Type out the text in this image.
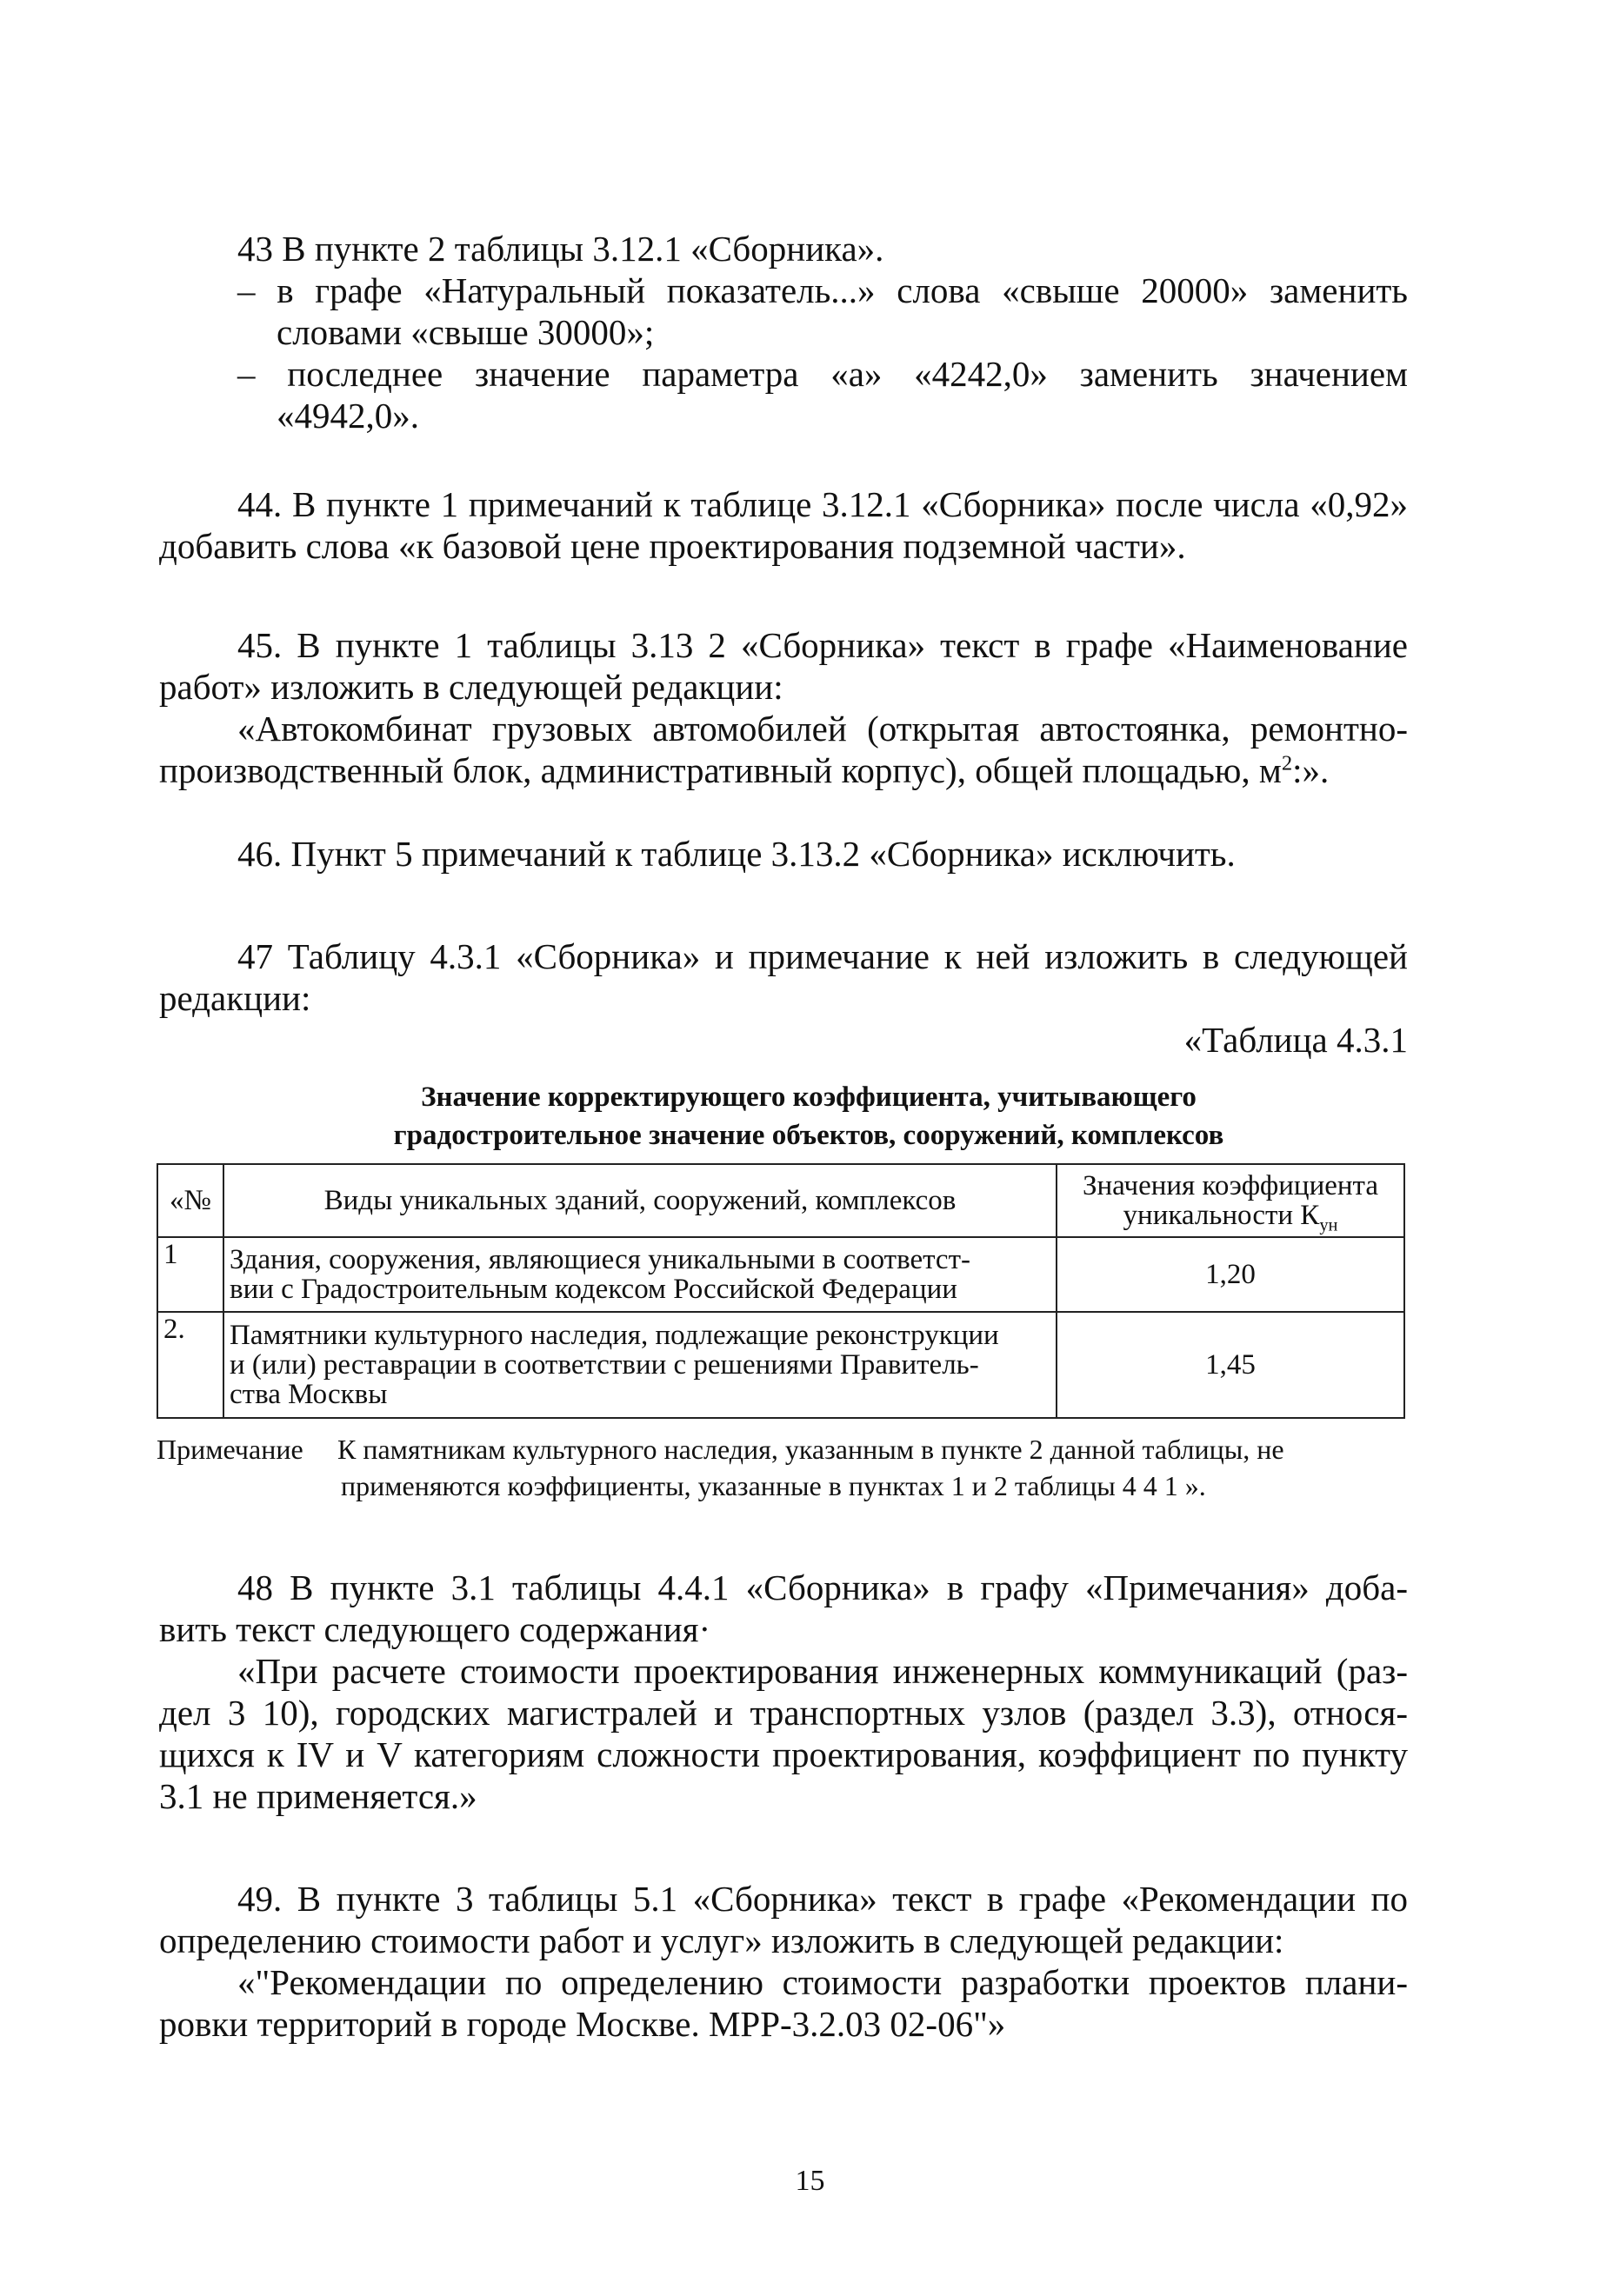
43 В пункте 2 таблицы 3.12.1 «Сборника».

– в графе «Натуральный показатель...» слова «свыше 20000» заменить

словами «свыше 30000»;

– последнее значение параметра «а» «4242,0» заменить значением

«4942,0».

44. В пункте 1 примечаний к таблице 3.12.1 «Сборника» после числа «0,92»

добавить слова «к базовой цене проектирования подземной части».

45. В пункте 1 таблицы 3.13 2 «Сборника» текст в графе «Наименование

работ» изложить в следующей редакции:

«Автокомбинат грузовых автомобилей (открытая автостоянка, ремонтно-

производственный блок, административный корпус), общей площадью, $м^2$:».

46. Пункт 5 примечаний к таблице 3.13.2 «Сборника» исключить.

47 Таблицу 4.3.1 «Сборника» и примечание к ней изложить в следующей

редакции:

«Таблица 4.3.1

Значение корректирующего коэффициента, учитывающего

градостроительное значение объектов, сооружений, комплексов

«№	Виды уникальных зданий, сооружений, комплексов	Значения коэффициента
уникальности $К_{ун}$

1	Здания, сооружения, являющиеся уникальными в соответст-
вии с Градостроительным кодексом Российской Федерации	1,20
2.	Памятники культурного наследия, подлежащие реконструкции
и (или) реставрации в соответствии с решениями Правитель-
ства Москвы	1,45
Примечание К памятникам культурного наследия, указанным в пункте 2 данной таблицы, не
применяются коэффициенты, указанные в пунктах 1 и 2 таблицы 4 4 1 ».

48 В пункте 3.1 таблицы 4.4.1 «Сборника» в графу «Примечания» доба-

вить текст следующего содержания·

«При расчете стоимости проектирования инженерных коммуникаций (раз-

дел 3 10), городских магистралей и транспортных узлов (раздел 3.3), относя-

щихся к IV и V категориям сложности проектирования, коэффициент по пункту

3.1 не применяется.»

49. В пункте 3 таблицы 5.1 «Сборника» текст в графе «Рекомендации по

определению стоимости работ и услуг» изложить в следующей редакции:

«"Рекомендации по определению стоимости разработки проектов плани-

ровки территорий в городе Москве. МРР-3.2.03 02-06"»

15
